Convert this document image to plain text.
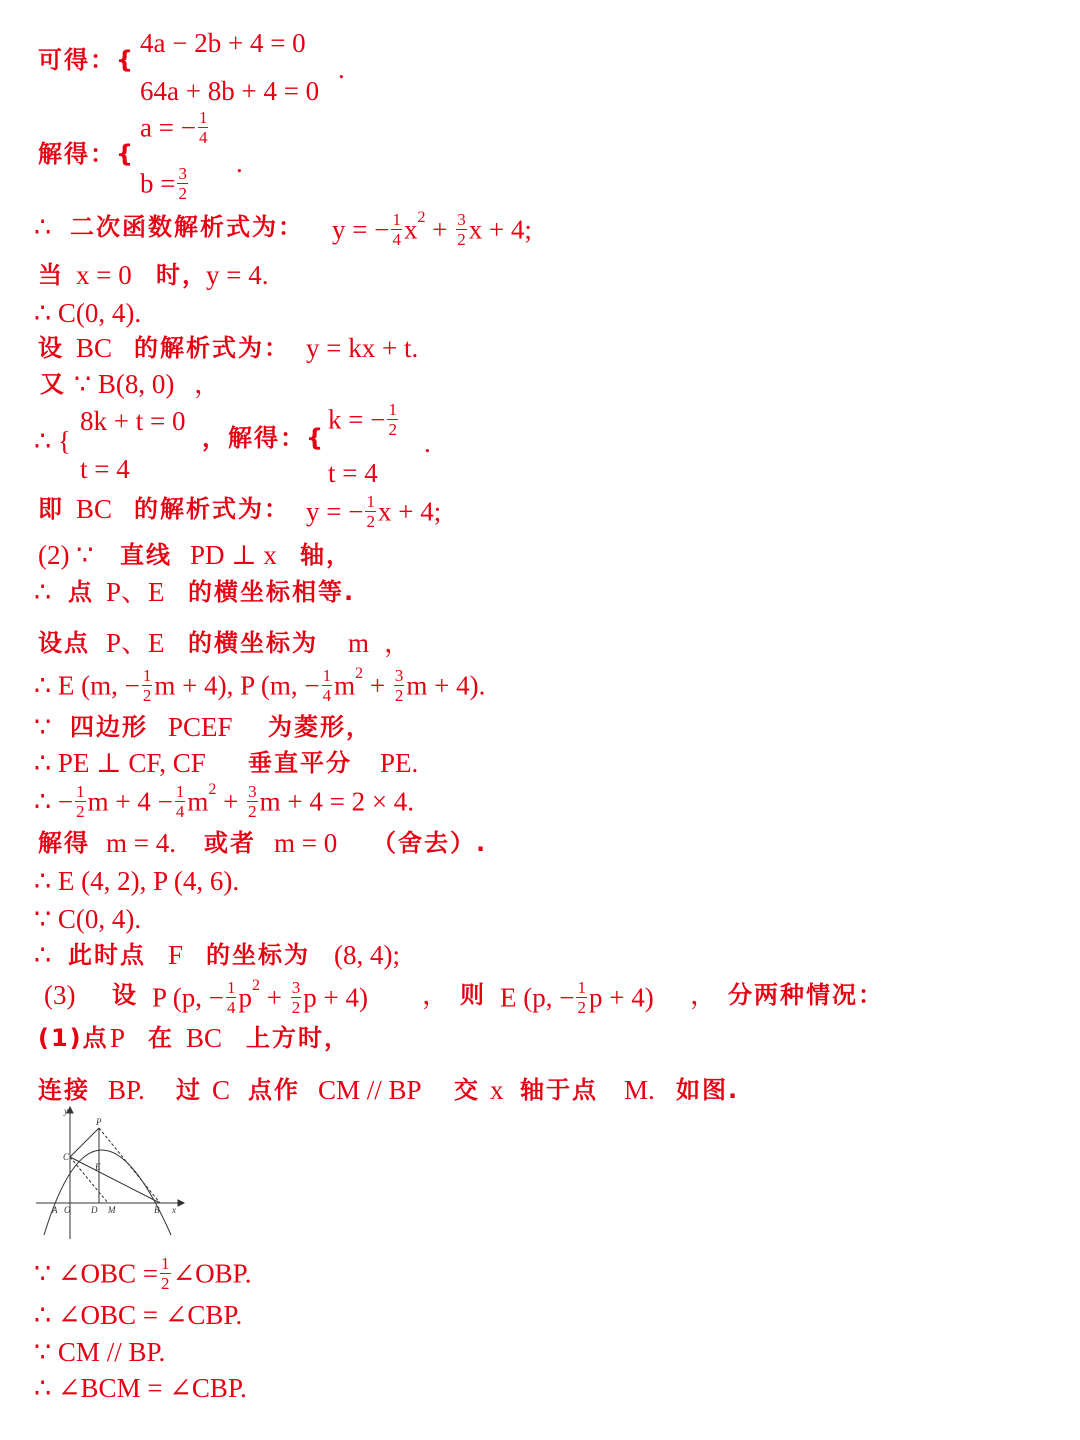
可得：{
4a − 2b + 4 = 0
64a + 8b + 4 = 0
.
解得：{
a = − $\frac{1}{4}$
.
$b = \frac{3}{2}$
∴ 二次函数解析式为： y = − $\frac{1}{4} x^2 + \frac{3}{2}$ x + 4;
当 x = 0 时，
y = 4.
∴ C(0, 4).
设 BC 的解析式为： y = kx + t.
又 ∵ B(8, 0) ，
∴ {
8k + t = 0
t = 4
，解得：{
k = − $\frac{1}{2}$
.
t = 4
即 BC 的解析式为： y = − $\frac{1}{2}$ x + 4;
(2) ∵ 直线 PD ⊥ x 轴，
∴ 点 P、E 的横坐标相等.
设点 P、E 的横坐标为 m ，
∴ E (m, − $\frac{1}{2}$ m + 4), P (m, − $\frac{1}{4} m^2 + \frac{3}{2}$ m + 4).
∵ 四边形 PCEF 为菱形，
∴ PE ⊥ CF, CF 垂直平分 PE.
∴ − $\frac{1}{2}$ $m + 4 - \frac{1}{4} m^2 + \frac{3}{2}$ m + 4 = 2 × 4.
解得 m = 4. 或者 m = 0 （舍去）.
∴ E (4, 2), P (4, 6).
∵ C(0, 4).
∴ 此时点 F 的坐标为 (8, 4);
(3) 设 P (p, − $\frac{1}{4} p^2 + \frac{3}{2}$ p + 4) ， 则 E (p, − $\frac{1}{2}$ p + 4) ， 分两种情况：
(1)点 P 在 BC 上方时，
连接 BP. 过 C 点作 CM // BP 交 x 轴于点 M. 如图.
y
x
P
C
E
A O D M	B
∵ ∠OBC = $\frac{1}{2}$ ∠OBP.
∴ ∠OBC = ∠CBP.
∵ CM // BP.
∴ ∠BCM = ∠CBP.
